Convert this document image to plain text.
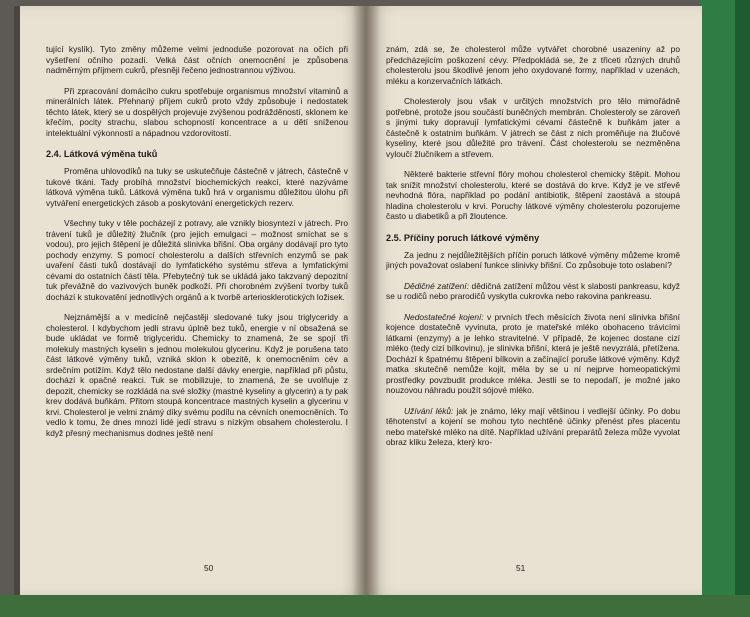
tující kyslík). Tyto změny můžeme velmi jednoduše pozorovat na očích při vyšetření očního pozadí. Velká část očních onemocnění je způsobena nadměrným příjmem cukrů, přesněji řečeno jednostrannou výživou.

Při zpracování domácího cukru spotřebuje organismus množství vitaminů a minerálních látek. Přehnaný příjem cukrů proto vždy způsobuje i nedostatek těchto látek, který se u dospělých projevuje zvýšenou podrážděností, sklonem ke křečím, pocity strachu, slabou schopností koncentrace a u dětí sníženou intelektuální výkonností a nápadnou vzdorovitostí.

2.4. Látková výměna tuků

Proměna uhlovodíků na tuky se uskutečňuje částečně v játrech, částečně v tukové tkáni. Tady probíhá množství biochemických reakcí, které nazýváme látková výměna tuků. Látková výměna tuků hrá v organismu důležitou úlohu při vytváření energetických zásob a poskytování energetických rezerv.

Všechny tuky v těle pocházejí z potravy, ale vznikly biosyntezí v játrech. Pro trávení tuků je důležitý žlučník (pro jejich emulgaci – možnost smíchat se s vodou), pro jejich štěpení je důležitá slinivka břišní. Oba orgány dodávají pro tyto pochody enzymy. S pomocí cholesterolu a dalších střevních enzymů se pak uvaření části tuků dostávají do lymfatického systému střeva a lymfatickými cévami do ostatních částí těla. Přebytečný tuk se ukládá jako takzvaný depozitní tuk převážně do vazivových buněk podkoží. Při chorobném zvýšení tvorby tuků dochází k stukovatění jednotlivých orgánů a k tvorbě arteriosklerotických ložisek.

Nejznámější a v medicíně nejčastěji sledované tuky jsou triglyceridy a cholesterol. I kdybychom jedli stravu úplně bez tuků, energie v ní obsažená se bude ukládat ve formě triglyceridu. Chemicky to znamená, že se spojí tři molekuly mastných kyselin s jednou molekulou glycerinu. Když je porušena tato část látkové výměny tuků, vzniká sklon k obezitě, k onemocněním cév a srdečním potížím. Když tělo nedostane další dávky energie, například při půstu, dochází k opačné reakci. Tuk se mobilizuje, to znamená, že se uvolňuje z depozit, chemicky se rozkládá na své složky (mastné kyseliny a glycerin) a ty pak krev dodává buňkám. Přitom stoupá koncentrace mastných kyselin a glycerinu v krvi. Cholesterol je velmi známý díky svému podílu na cévních onemocněních. To vedlo k tomu, že dnes mnozí lidé jedí stravu s nízkým obsahem cholesterolu. I když přesný mechanismus dodnes ještě není

50

znám, zdá se, že cholesterol může vytvářet chorobné usazeniny až po předcházejícím poškození cévy. Předpokládá se, že z třiceti různých druhů cholesterolu jsou škodlivé jenom jeho oxydované formy, například v uzenách, mléku a konzervačních látkách.

Cholesteroly jsou však v určitých množstvích pro tělo mimořádně potřebné, protože jsou součástí buněčných membrán. Cholesteroly se zároveň s jinými tuky dopravují lymfatickými cévami částečně k buňkám jater a částečně k ostatním buňkám. V játrech se část z nich proměňuje na žlučové kyseliny, které jsou důležité pro trávení. Část cholesterolu se nezměněna vyloučí žlučníkem a střevem.

Některé bakterie střevní flóry mohou cholesterol chemicky štěpit. Mohou tak snížit množství cholesterolu, které se dostává do krve. Když je ve střevě nevhodná flóra, například po podání antibiotik, štěpení zaostává a stoupá hladina cholesterolu v krvi. Poruchy látkové výměny cholesterolu pozorujeme často u diabetiků a při žloutence.

2.5. Příčiny poruch látkové výměny

Za jednu z nejdůležitějších příčin poruch látkové výměny můžeme kromě jiných považovat oslabení funkce slinivky břišní. Co způsobuje toto oslabení?

Dědičné zatížení: dědičná zatížení můžou vést k slabosti pankreasu, když se u rodičů nebo prarodičů vyskytla cukrovka nebo rakovina pankreasu.

Nedostatečné kojení: v prvních třech měsících života není slinivka břišní kojence dostatečně vyvinuta, proto je mateřské mléko obohaceno trávicími látkami (enzymy) a je lehko stravitelné. V případě, že kojenec dostane cizí mléko (tedy cizí bílkovinu), je slinivka břišní, která je ještě nevyzrálá, přetížena. Dochází k špatnému štěpení bílkovin a začínající poruše látkové výměny. Když matka skutečně nemůže kojit, měla by se u ní nejprve homeopatickými prostředky povzbudit produkce mléka. Jestli se to nepodaří, je možné jako nouzovou náhradu použít sójové mléko.

Užívání léků: jak je známo, léky mají většinou i vedlejší účinky. Po dobu těhotenství a kojení se mohou tyto nechtěné účinky přenést přes placentu nebo mateřské mléko na dítě. Například užívání preparátů železa může vyvolat obraz kliku železa, který kro-

51
